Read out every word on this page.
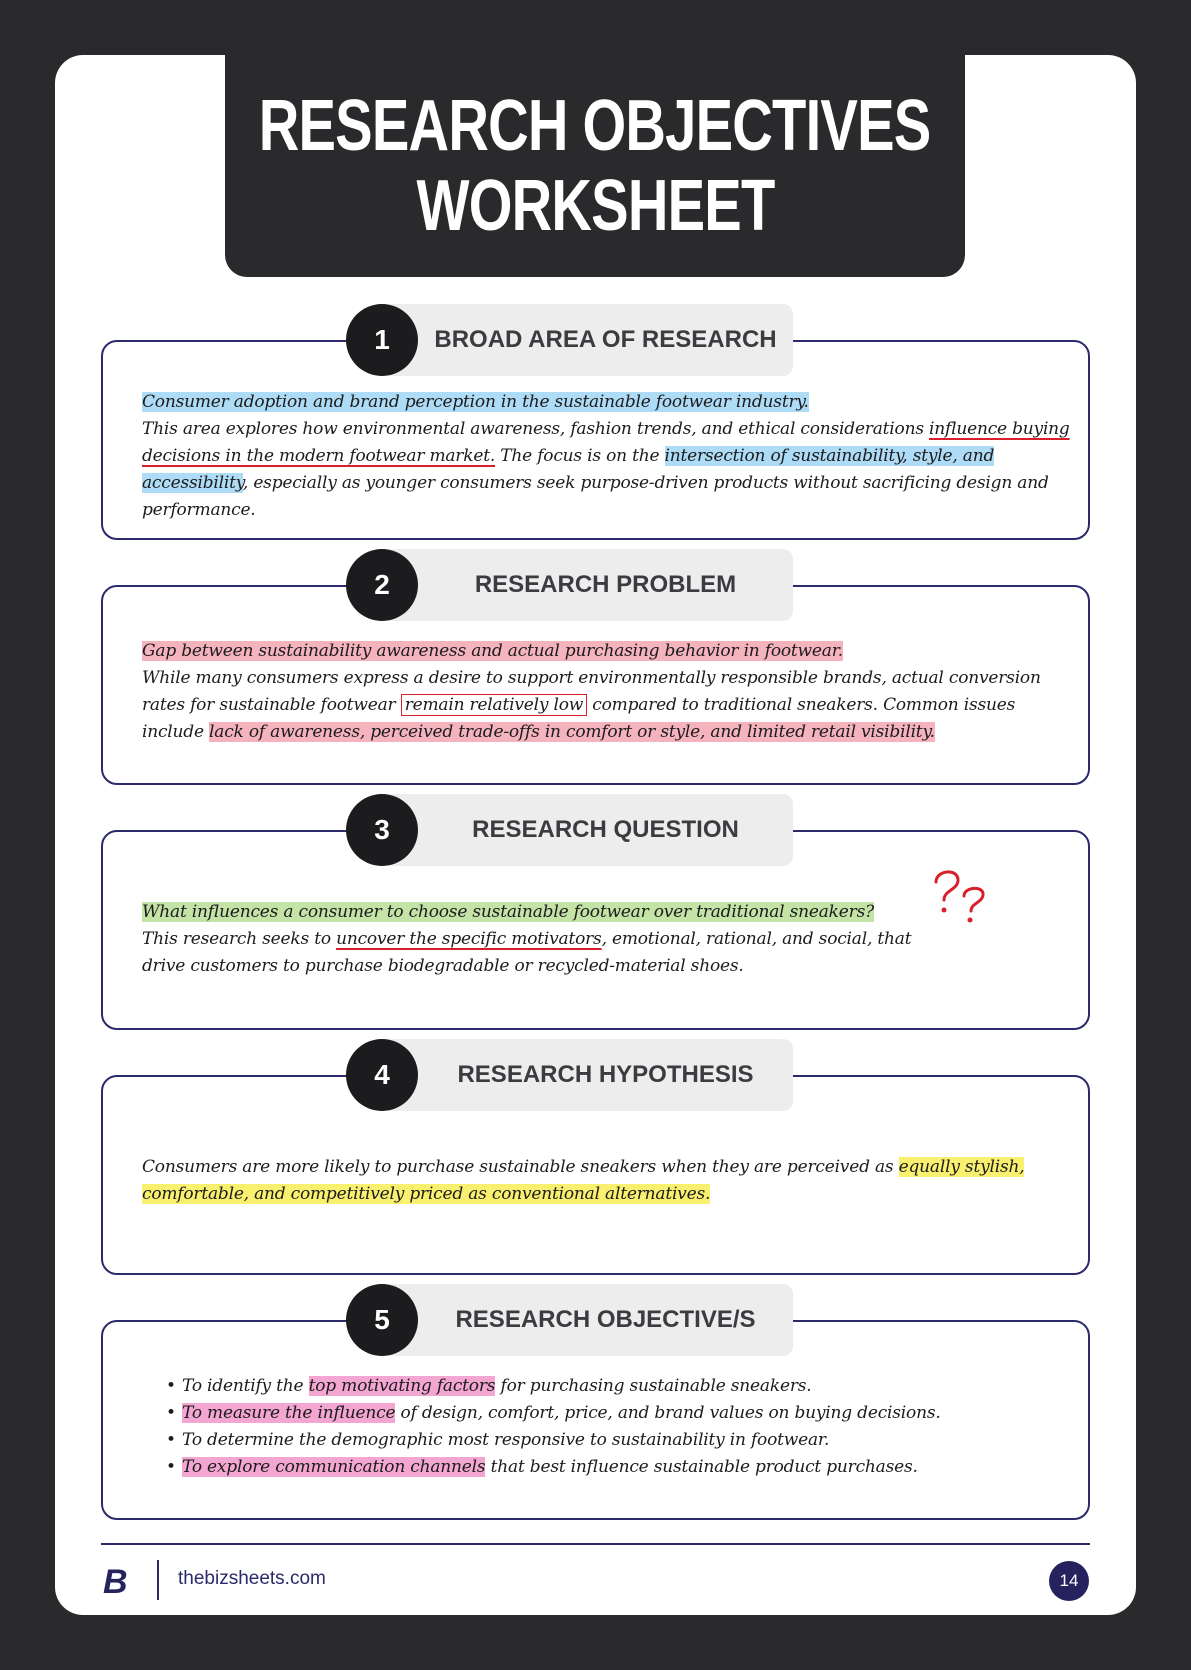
RESEARCH OBJECTIVES
WORKSHEET
1	BROAD AREA OF RESEARCH

Consumer adoption and brand perception in the sustainable footwear industry.

This area explores how environmental awareness, fashion trends, and ethical considerations influence buying decisions in the modern footwear market. The focus is on the intersection of sustainability, style, and accessibility, especially as younger consumers seek purpose-driven products without sacrificing design and performance.

2	RESEARCH PROBLEM

Gap between sustainability awareness and actual purchasing behavior in footwear.

While many consumers express a desire to support environmentally responsible brands, actual conversion rates for sustainable footwear remain relatively low compared to traditional sneakers. Common issues include lack of awareness, perceived trade-offs in comfort or style, and limited retail visibility.

3	RESEARCH QUESTION

What influences a consumer to choose sustainable footwear over traditional sneakers?

This research seeks to uncover the specific motivators, emotional, rational, and social, that drive customers to purchase biodegradable or recycled-material shoes.

4	RESEARCH HYPOTHESIS

Consumers are more likely to purchase sustainable sneakers when they are perceived as equally stylish, comfortable, and competitively priced as conventional alternatives.

5	RESEARCH OBJECTIVE/S
• To identify the top motivating factors for purchasing sustainable sneakers.
• To measure the influence of design, comfort, price, and brand values on buying decisions.
• To determine the demographic most responsive to sustainability in footwear.
• To explore communication channels that best influence sustainable product purchases.
B	thebizsheets.com	14
